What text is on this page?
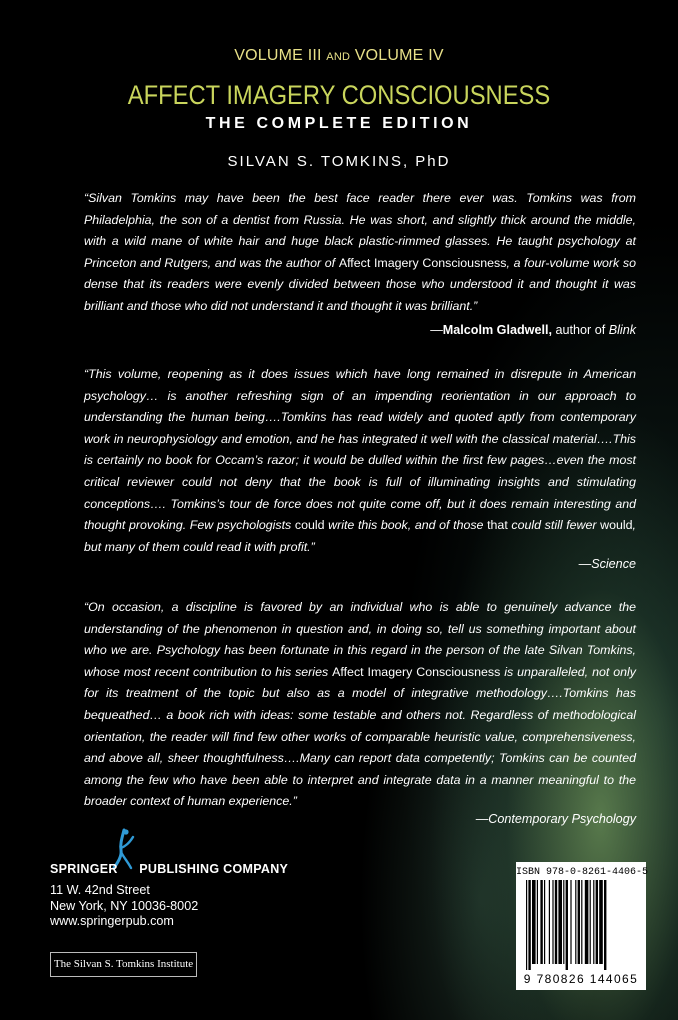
VOLUME III AND VOLUME IV
AFFECT IMAGERY CONSCIOUSNESS
THE COMPLETE EDITION
SILVAN S. TOMKINS, PhD
“Silvan Tomkins may have been the best face reader there ever was. Tomkins was from Philadelphia, the son of a dentist from Russia. He was short, and slightly thick around the middle, with a wild mane of white hair and huge black plastic-rimmed glasses. He taught psychology at Princeton and Rutgers, and was the author of Affect Imagery Consciousness, a four-volume work so dense that its readers were evenly divided between those who understood it and thought it was brilliant and those who did not understand it and thought it was brilliant.”
—Malcolm Gladwell, author of Blink
“This volume, reopening as it does issues which have long remained in disrepute in American psychology… is another refreshing sign of an impending reorientation in our approach to understanding the human being….Tomkins has read widely and quoted aptly from contemporary work in neurophysiology and emotion, and he has integrated it well with the classical material….This is certainly no book for Occam’s razor; it would be dulled within the first few pages…even the most critical reviewer could not deny that the book is full of illuminating insights and stimulating conceptions…. Tomkins’s tour de force does not quite come off, but it does remain interesting and thought provoking. Few psychologists could write this book, and of those that could still fewer would, but many of them could read it with profit.”
—Science
“On occasion, a discipline is favored by an individual who is able to genuinely advance the understanding of the phenomenon in question and, in doing so, tell us something important about who we are. Psychology has been fortunate in this regard in the person of the late Silvan Tomkins, whose most recent contribution to his series Affect Imagery Consciousness is unparalleled, not only for its treatment of the topic but also as a model of integrative methodology….Tomkins has bequeathed… a book rich with ideas: some testable and others not. Regardless of methodological orientation, the reader will find few other works of comparable heuristic value, comprehensiveness, and above all, sheer thoughtfulness….Many can report data competently; Tomkins can be counted among the few who have been able to interpret and integrate data in a manner meaningful to the broader context of human experience.”
—Contemporary Psychology
SPRINGER PUBLISHING COMPANY
11 W. 42nd Street
New York, NY 10036-8002
www.springerpub.com
The Silvan S. Tomkins Institute
ISBN 978-0-8261-4406-5
9 780826 144065
